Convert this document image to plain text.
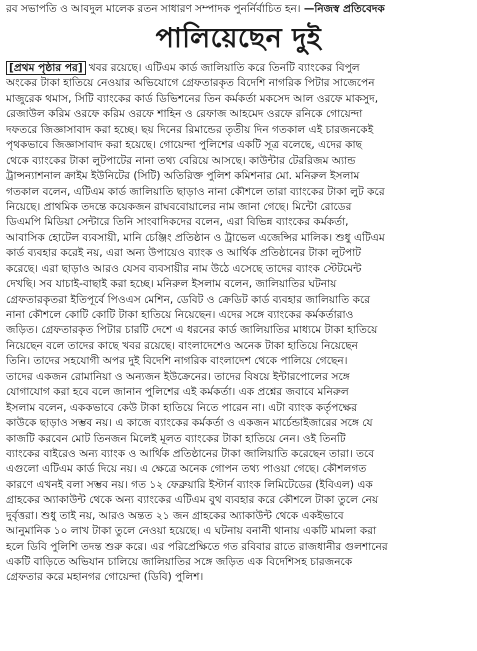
রব সভাপতি ও আবদুল মালেক রতন সাধারণ সম্পাদক পুনর্নির্বাচিত হন। —নিজস্ব প্রতিবেদক
পালিয়েছেন দুই
[প্রথম পৃষ্ঠার পর] খবর রয়েছে। এটিএম কার্ড জালিয়াতি করে তিনটি ব্যাংকের বিপুল
অংকের টাকা হাতিয়ে নেওয়ার অভিযোগে গ্রেফতারকৃত বিদেশি নাগরিক পিটার সাজেপেন
মাজুরেক থমাস, সিটি ব্যাংকের কার্ড ডিভিশনের তিন কর্মকর্তা মকসেদ আল ওরফে মাকসুদ,
রেজাউল করিম ওরফে করিম ওরফে শাহিন ও রেফাজ আহমেদ ওরফে রনিকে গোয়েন্দা
দফতরে জিজ্ঞাসাবাদ করা হচ্ছে। ছয় দিনের রিমান্ডের তৃতীয় দিন গতকাল এই চারজনকেই
পৃথকভাবে জিজ্ঞাসাবাদ করা হয়েছে। গোয়েন্দা পুলিশের একটি সূত্র বলেছে, এদের কাছ
থেকে ব্যাংকের টাকা লুটপাটের নানা তথ্য বেরিয়ে আসছে। কাউন্টার টেররিজম অ্যান্ড
ট্রান্সন্যাশনাল ক্রাইম ইউনিটের (সিটি) অতিরিক্ত পুলিশ কমিশনার মো. মনিরুল ইসলাম
গতকাল বলেন, এটিএম কার্ড জালিয়াতি ছাড়াও নানা কৌশলে তারা ব্যাংকের টাকা লুট করে
নিয়েছে। প্রাথমিক তদন্তে কয়েকজন রাঘববোয়ালের নাম জানা গেছে। মিন্টো রোডের
ডিএমপি মিডিয়া সেন্টারে তিনি সাংবাদিকদের বলেন, এরা বিভিন্ন ব্যাংকের কর্মকর্তা,
আবাসিক হোটেল ব্যবসায়ী, মানি চেঞ্জিং প্রতিষ্ঠান ও ট্রাভেল এজেন্সির মালিক। শুধু এটিএম
কার্ড ব্যবহার করেই নয়, এরা অন্য উপায়েও ব্যাংক ও আর্থিক প্রতিষ্ঠানের টাকা লুটপাট
করেছে। এরা ছাড়াও আরও যেসব ব্যবসায়ীর নাম উঠে এসেছে তাদের ব্যাংক স্টেটমেন্ট
দেখছি। সব যাচাই-বাছাই করা হচ্ছে। মনিরুল ইসলাম বলেন, জালিয়াতির ঘটনায়
গ্রেফতারকৃতরা ইতিপূর্বে পিওএস মেশিন, ডেবিট ও ক্রেডিট কার্ড ব্যবহার জালিয়াতি করে
নানা কৌশলে কোটি কোটি টাকা হাতিয়ে নিয়েছেন। এদের সঙ্গে ব্যাংকের কর্মকর্তারাও
জড়িত। গ্রেফতারকৃত পিটার চারটি দেশে এ ধরনের কার্ড জালিয়াতির মাধ্যমে টাকা হাতিয়ে
নিয়েছেন বলে তাদের কাছে খবর রয়েছে। বাংলাদেশেও অনেক টাকা হাতিয়ে নিয়েছেন
তিনি। তাদের সহযোগী অপর দুই বিদেশি নাগরিক বাংলাদেশ থেকে পালিয়ে গেছেন।
তাদের একজন রোমানিয়া ও অন্যজন ইউক্রেনের। তাদের বিষয়ে ইন্টারপোলের সঙ্গে
যোগাযোগ করা হবে বলে জানান পুলিশের এই কর্মকর্তা। এক প্রশ্নের জবাবে মনিরুল
ইসলাম বলেন, এককভাবে কেউ টাকা হাতিয়ে নিতে পারেন না। এটা ব্যাংক কর্তৃপক্ষের
কাউকে ছাড়াও সম্ভব নয়। এ কাজে ব্যাংকের কর্মকর্তা ও একজন মার্চেন্ডাইজারের সঙ্গে যে
কাজটি করবেন মোট তিনজন মিলেই মূলত ব্যাংকের টাকা হাতিয়ে নেন। ওই তিনটি
ব্যাংকের বাইরেও অন্য ব্যাংক ও আর্থিক প্রতিষ্ঠানের টাকা জালিয়াতি করেছেন তারা। তবে
এগুলো এটিএম কার্ড দিয়ে নয়। এ ক্ষেত্রে অনেক গোপন তথ্য পাওয়া গেছে। কৌশলগত
কারণে এখনই বলা সম্ভব নয়। গত ১২ ফেব্রুয়ারি ইস্টার্ন ব্যাংক লিমিটেডের (ইবিএল) এক
গ্রাহকের অ্যাকাউন্ট থেকে অন্য ব্যাংকের এটিএম বুথ ব্যবহার করে কৌশলে টাকা তুলে নেয়
দুর্বৃত্তরা। শুধু তাই নয়, আরও অন্তত ২১ জন গ্রাহকের অ্যাকাউন্ট থেকে একইভাবে
আনুমানিক ১০ লাখ টাকা তুলে নেওয়া হয়েছে। এ ঘটনায় বনানী থানায় একটি মামলা করা
হলে ডিবি পুলিশি তদন্ত শুরু করে। এর পরিপ্রেক্ষিতে গত রবিবার রাতে রাজধানীর গুলশানের
একটি বাড়িতে অভিযান চালিয়ে জালিয়াতির সঙ্গে জড়িত এক বিদেশিসহ চারজনকে
গ্রেফতার করে মহানগর গোয়েন্দা (ডিবি) পুলিশ।
